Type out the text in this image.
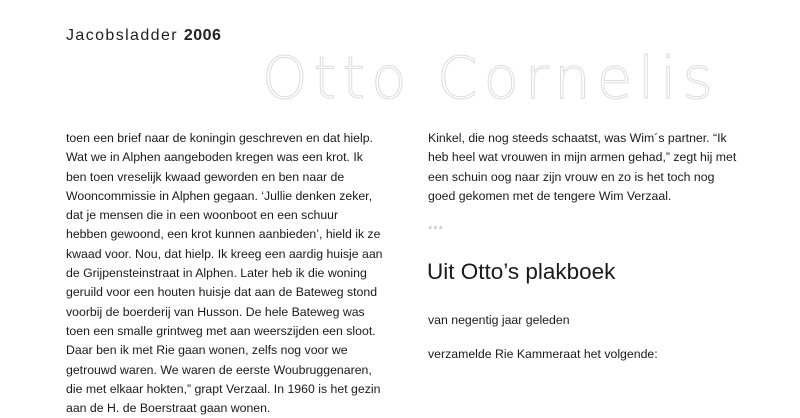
Jacobsladder 2006
Otto Cornelis
toen een brief naar de koningin geschreven en dat hielp.
Wat we in Alphen aangeboden kregen was een krot. Ik
ben toen vreselijk kwaad geworden en ben naar de
Wooncommissie in Alphen gegaan. ‘Jullie denken zeker,
dat je mensen die in een woonboot en een schuur
hebben gewoond, een krot kunnen aanbieden’, hield ik ze
kwaad voor. Nou, dat hielp. Ik kreeg een aardig huisje aan
de Grijpensteinstraat in Alphen. Later heb ik die woning
geruild voor een houten huisje dat aan de Bateweg stond
voorbij de boerderij van Husson. De hele Bateweg was
toen een smalle grintweg met aan weerszijden een sloot.
Daar ben ik met Rie gaan wonen, zelfs nog voor we
getrouwd waren. We waren de eerste Woubruggenaren,
die met elkaar hokten,” grapt Verzaal. In 1960 is het gezin
aan de H. de Boerstraat gaan wonen.
Kinkel, die nog steeds schaatst, was Wim´s partner. “Ik
heb heel wat vrouwen in mijn armen gehad,” zegt hij met
een schuin oog naar zijn vrouw en zo is het toch nog
goed gekomen met de tengere Wim Verzaal.
***
Uit Otto’s plakboek
van negentig jaar geleden
verzamelde Rie Kammeraat het volgende:
